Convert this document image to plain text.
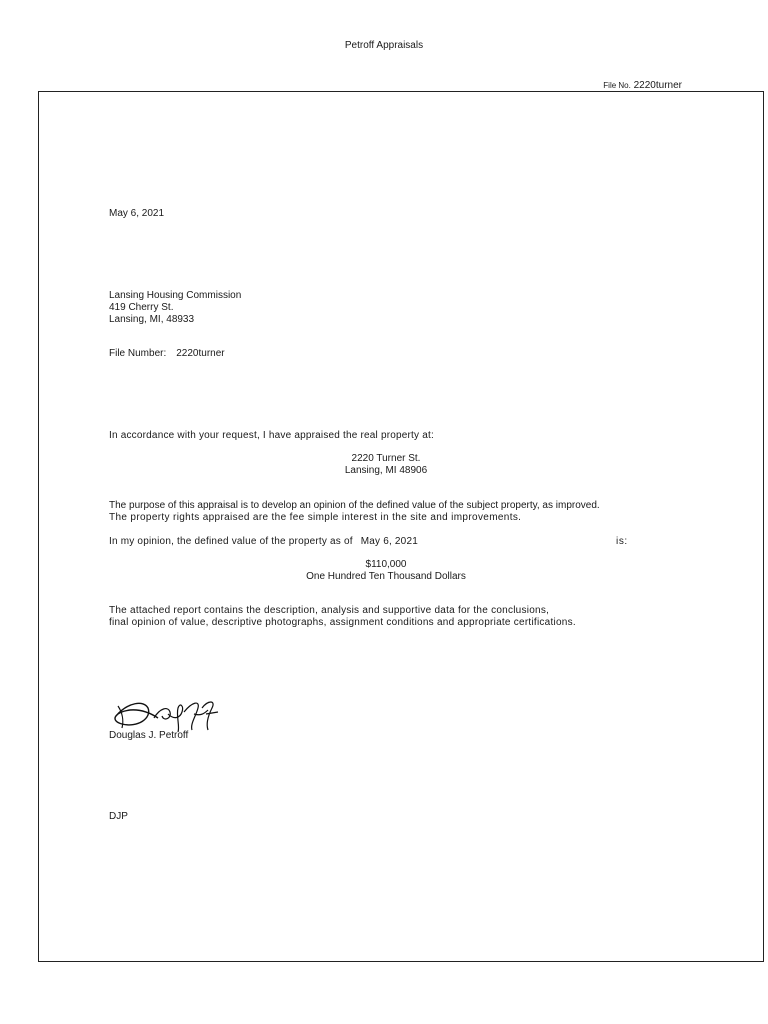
Petroff Appraisals
File No. 2220turner
May 6, 2021
Lansing Housing Commission
419 Cherry St.
Lansing, MI, 48933
File Number: 2220turner
In accordance with your request, I have appraised the real property at:
2220 Turner St.
Lansing, MI 48906
The purpose of this appraisal is to develop an opinion of the defined value of the subject property, as improved.
The property rights appraised are the fee simple interest in the site and improvements.
In my opinion, the defined value of the property as of May 6, 2021	is:
$110,000
One Hundred Ten Thousand Dollars
The attached report contains the description, analysis and supportive data for the conclusions,
final opinion of value, descriptive photographs, assignment conditions and appropriate certifications.
Douglas J. Petroff
DJP
